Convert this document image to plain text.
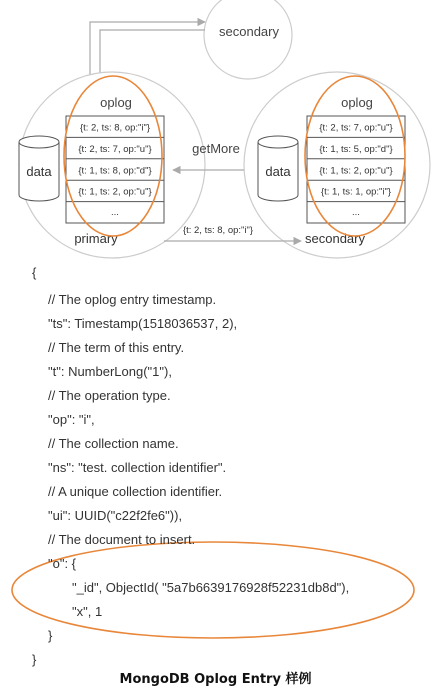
secondary
oplog
{t: 2, ts: 8, op:"i"}
{t: 2, ts: 7, op:"u"}
{t: 1, ts: 8, op:"d"}
{t: 1, ts: 2, op:"u"}
...
data
primary
oplog
{t: 2, ts: 7, op:"u"}
{t: 1, ts: 5, op:"d"}
{t: 1, ts: 2, op:"u"}
{t: 1, ts: 1, op:"i"}
...
data
secondary
getMore
{t: 2, ts: 8, op:"i"}
{
// The oplog entry timestamp.
"ts": Timestamp(1518036537, 2),
// The term of this entry.
"t": NumberLong("1"),
// The operation type.
"op": "i",
// The collection name.
"ns": "test. collection identifier".
// A unique collection identifier.
"ui": UUID("c22f2fe6")),
// The document to insert.
"o": {
"_id", ObjectId( "5a7b6639176928f52231db8d"),
"x", 1
}
}
MongoDB Oplog Entry 样例
